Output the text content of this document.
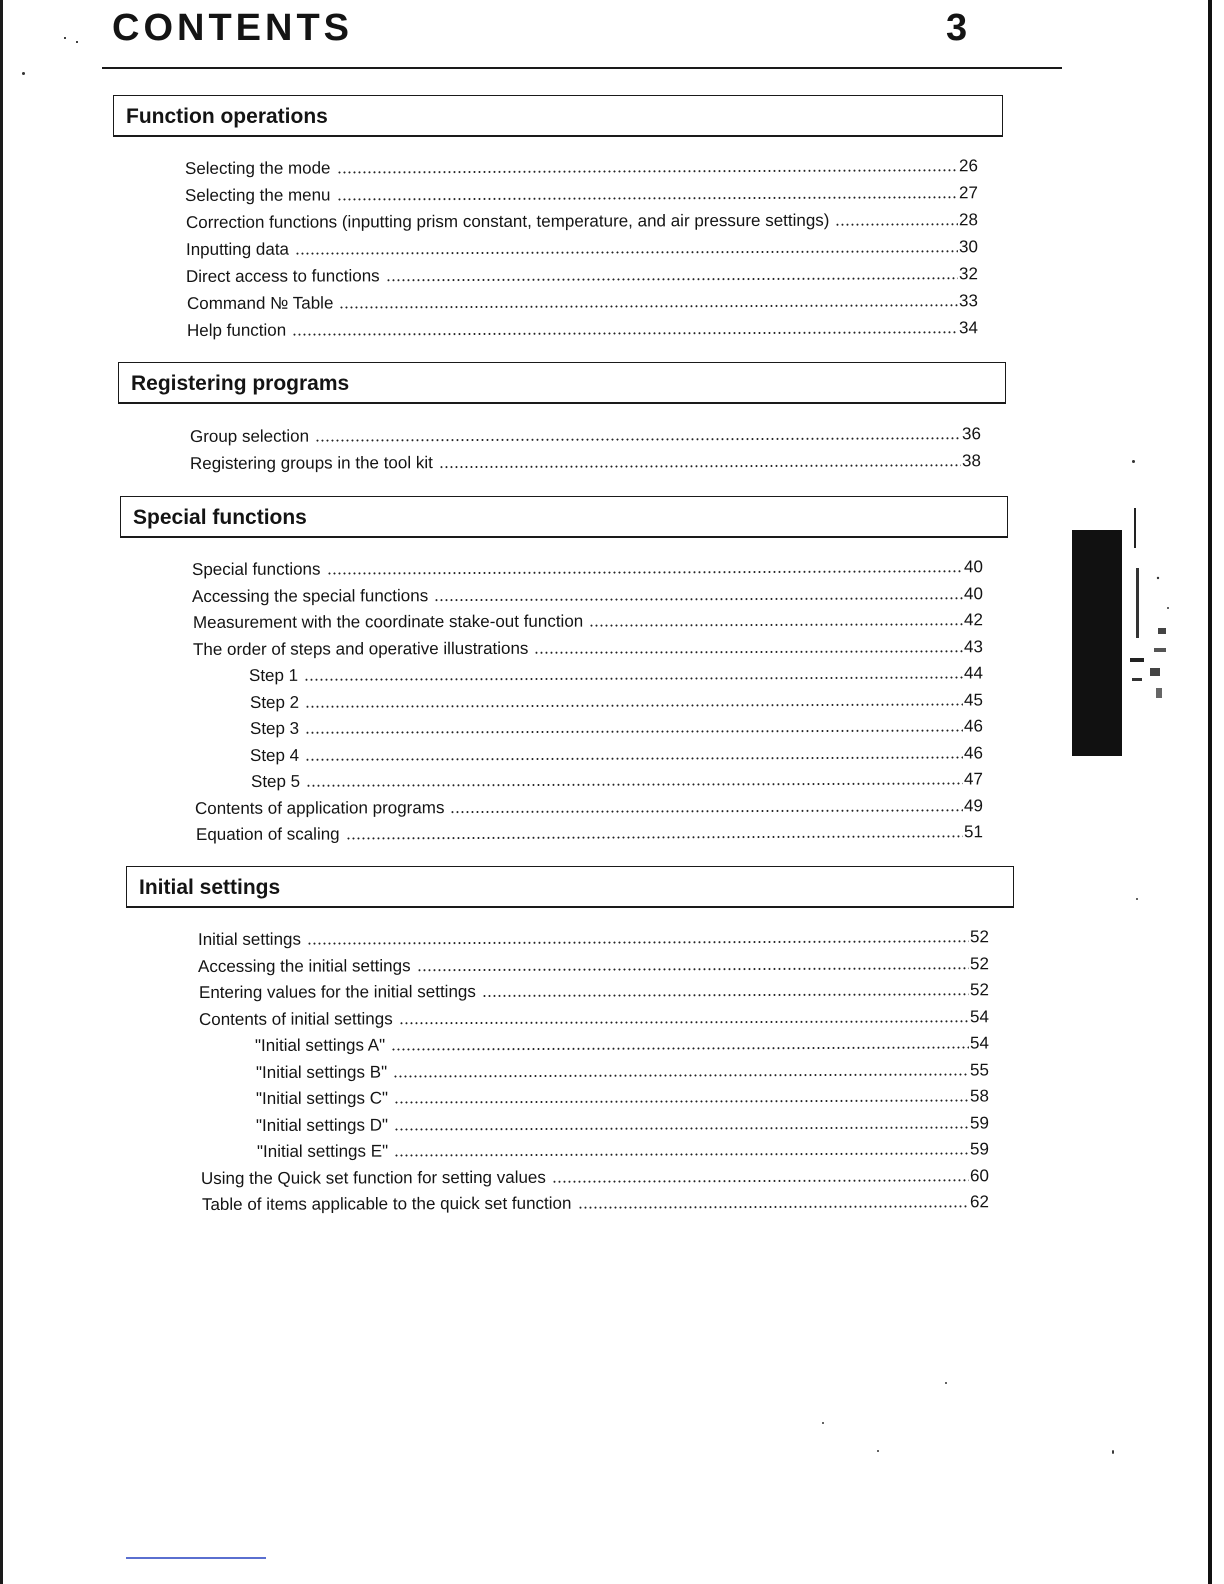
· · CONTENTS	3
Function operations
Selecting the mode	26
Selecting the menu	27
Correction functions (inputting prism constant, temperature, and air pressure settings)	28
Inputting data	30
Direct access to functions	32
Command № Table	33
Help function	34
Registering programs
Group selection	36
Registering groups in the tool kit	38
Special functions
Special functions	40
Accessing the special functions	40
Measurement with the coordinate stake-out function	42
The order of steps and operative illustrations	43
Step 1	44
Step 2	45
Step 3	46
Step 4	46
Step 5	47
Contents of application programs	49
Equation of scaling	51
Initial settings
Initial settings	52
Accessing the initial settings	52
Entering values for the initial settings	52
Contents of initial settings	54
"Initial settings A"	54
"Initial settings B"	55
"Initial settings C"	58
"Initial settings D"	59
"Initial settings E"	59
Using the Quick set function for setting values	60
Table of items applicable to the quick set function	62
